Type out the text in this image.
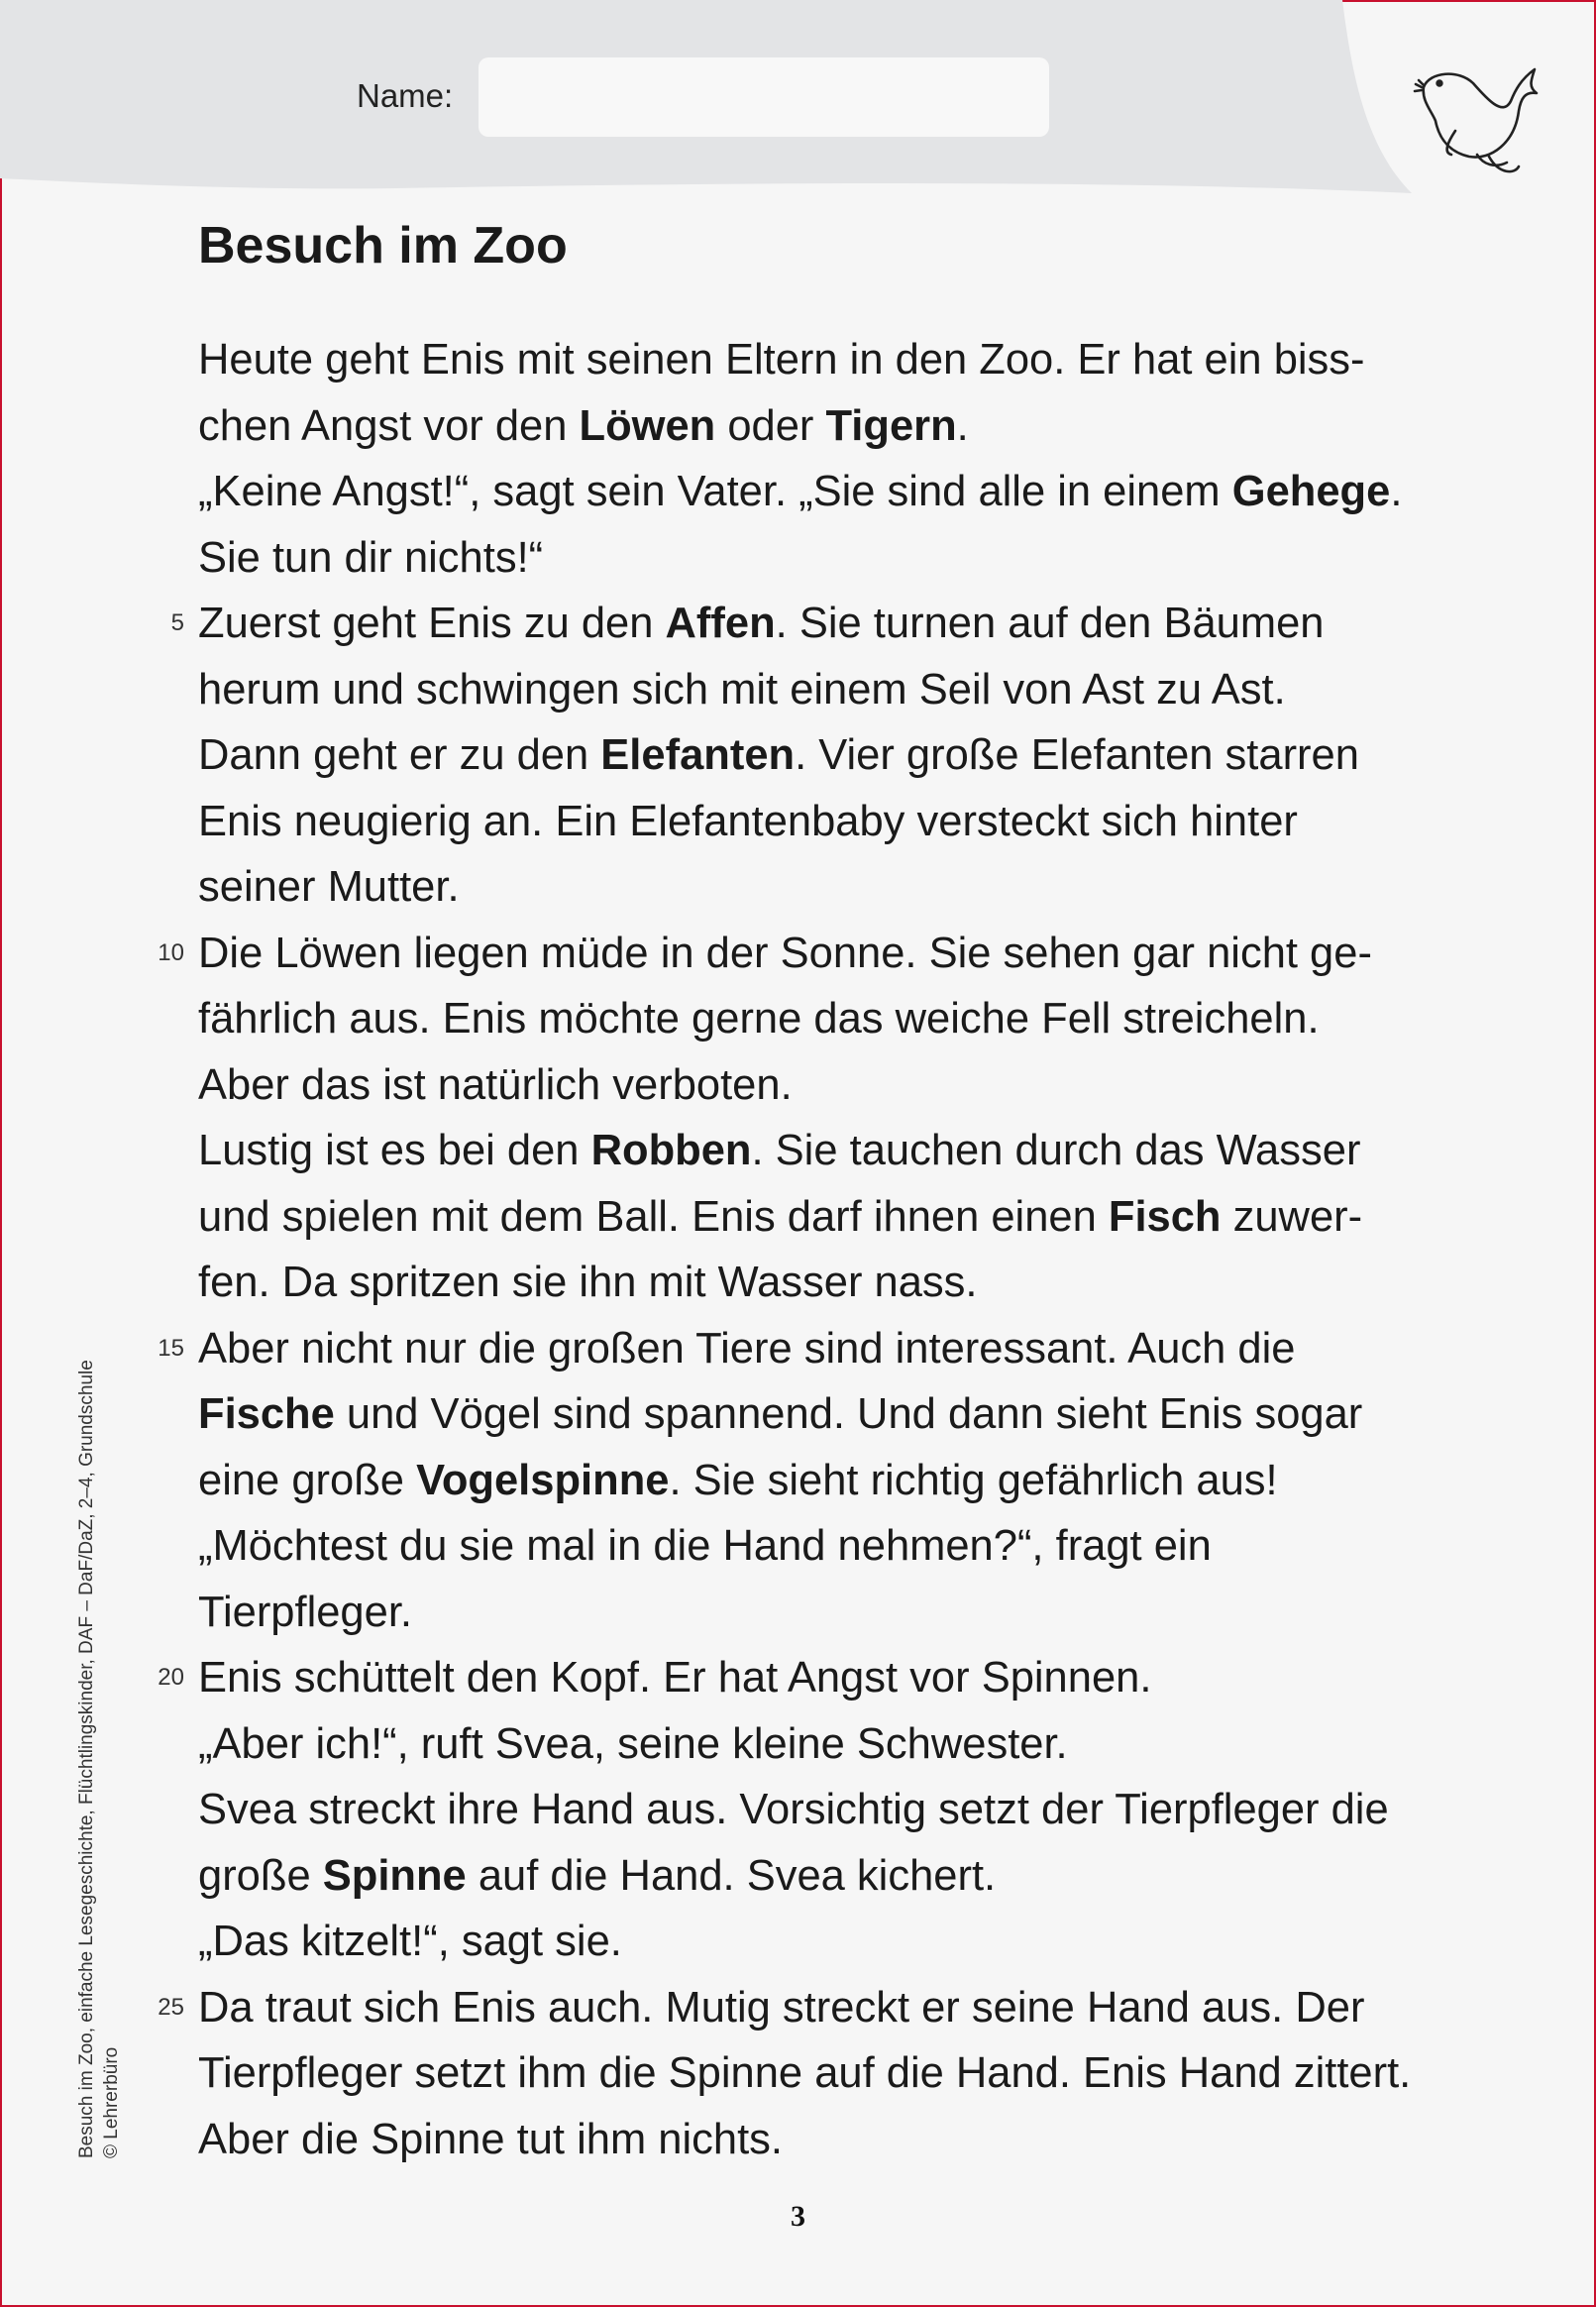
Name:
Besuch im Zoo
Heute geht Enis mit seinen Eltern in den Zoo. Er hat ein biss-
chen Angst vor den Löwen oder Tigern.
„Keine Angst!“, sagt sein Vater. „Sie sind alle in einem Gehege.
Sie tun dir nichts!“
5 Zuerst geht Enis zu den Affen. Sie turnen auf den Bäumen
herum und schwingen sich mit einem Seil von Ast zu Ast.
Dann geht er zu den Elefanten. Vier große Elefanten starren
Enis neugierig an. Ein Elefantenbaby versteckt sich hinter
seiner Mutter.
10 Die Löwen liegen müde in der Sonne. Sie sehen gar nicht ge-
fährlich aus. Enis möchte gerne das weiche Fell streicheln.
Aber das ist natürlich verboten.
Lustig ist es bei den Robben. Sie tauchen durch das Wasser
und spielen mit dem Ball. Enis darf ihnen einen Fisch zuwer-
fen. Da spritzen sie ihn mit Wasser nass.
15 Aber nicht nur die großen Tiere sind interessant. Auch die
Fische und Vögel sind spannend. Und dann sieht Enis sogar
eine große Vogelspinne. Sie sieht richtig gefährlich aus!
„Möchtest du sie mal in die Hand nehmen?“, fragt ein
Tierpfleger.
20 Enis schüttelt den Kopf. Er hat Angst vor Spinnen.
„Aber ich!“, ruft Svea, seine kleine Schwester.
Svea streckt ihre Hand aus. Vorsichtig setzt der Tierpfleger die
große Spinne auf die Hand. Svea kichert.
„Das kitzelt!“, sagt sie.
25 Da traut sich Enis auch. Mutig streckt er seine Hand aus. Der
Tierpfleger setzt ihm die Spinne auf die Hand. Enis Hand zittert.
Aber die Spinne tut ihm nichts.
Besuch im Zoo, einfache Lesegeschichte, Flüchtlingskinder, DAF – DaF/DaZ, 2–4, Grundschule © Lehrerbüro
3
